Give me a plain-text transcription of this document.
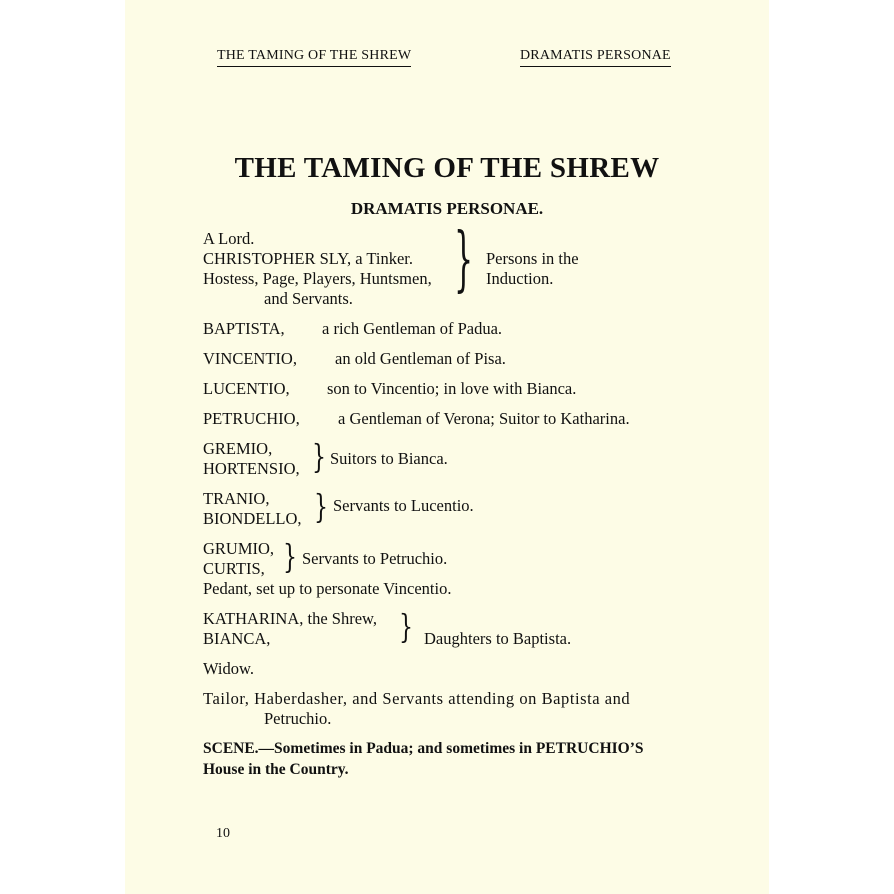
THE TAMING OF THE SHREW	DRAMATIS PERSONAE
THE TAMING OF THE SHREW
DRAMATIS PERSONAE.
A Lord.
CHRISTOPHER SLY, a Tinker.
Hostess, Page, Players, Huntsmen,
and Servants.	} Persons in the
Induction.
BAPTISTA, a rich Gentleman of Padua.
VINCENTIO, an old Gentleman of Pisa.
LUCENTIO, son to Vincentio; in love with Bianca.
PETRUCHIO, a Gentleman of Verona; Suitor to Katharina.
GREMIO,
HORTENSIO, } Suitors to Bianca.
TRANIO,
BIONDELLO, } Servants to Lucentio.
GRUMIO,
CURTIS, } Servants to Petruchio.
Pedant, set up to personate Vincentio.
KATHARINA, the Shrew,
BIANCA,	} Daughters to Baptista.
Widow.
Tailor, Haberdasher, and Servants attending on Baptista and
Petruchio.
SCENE.—Sometimes in Padua; and sometimes in PETRUCHIO’S
House in the Country.
10
